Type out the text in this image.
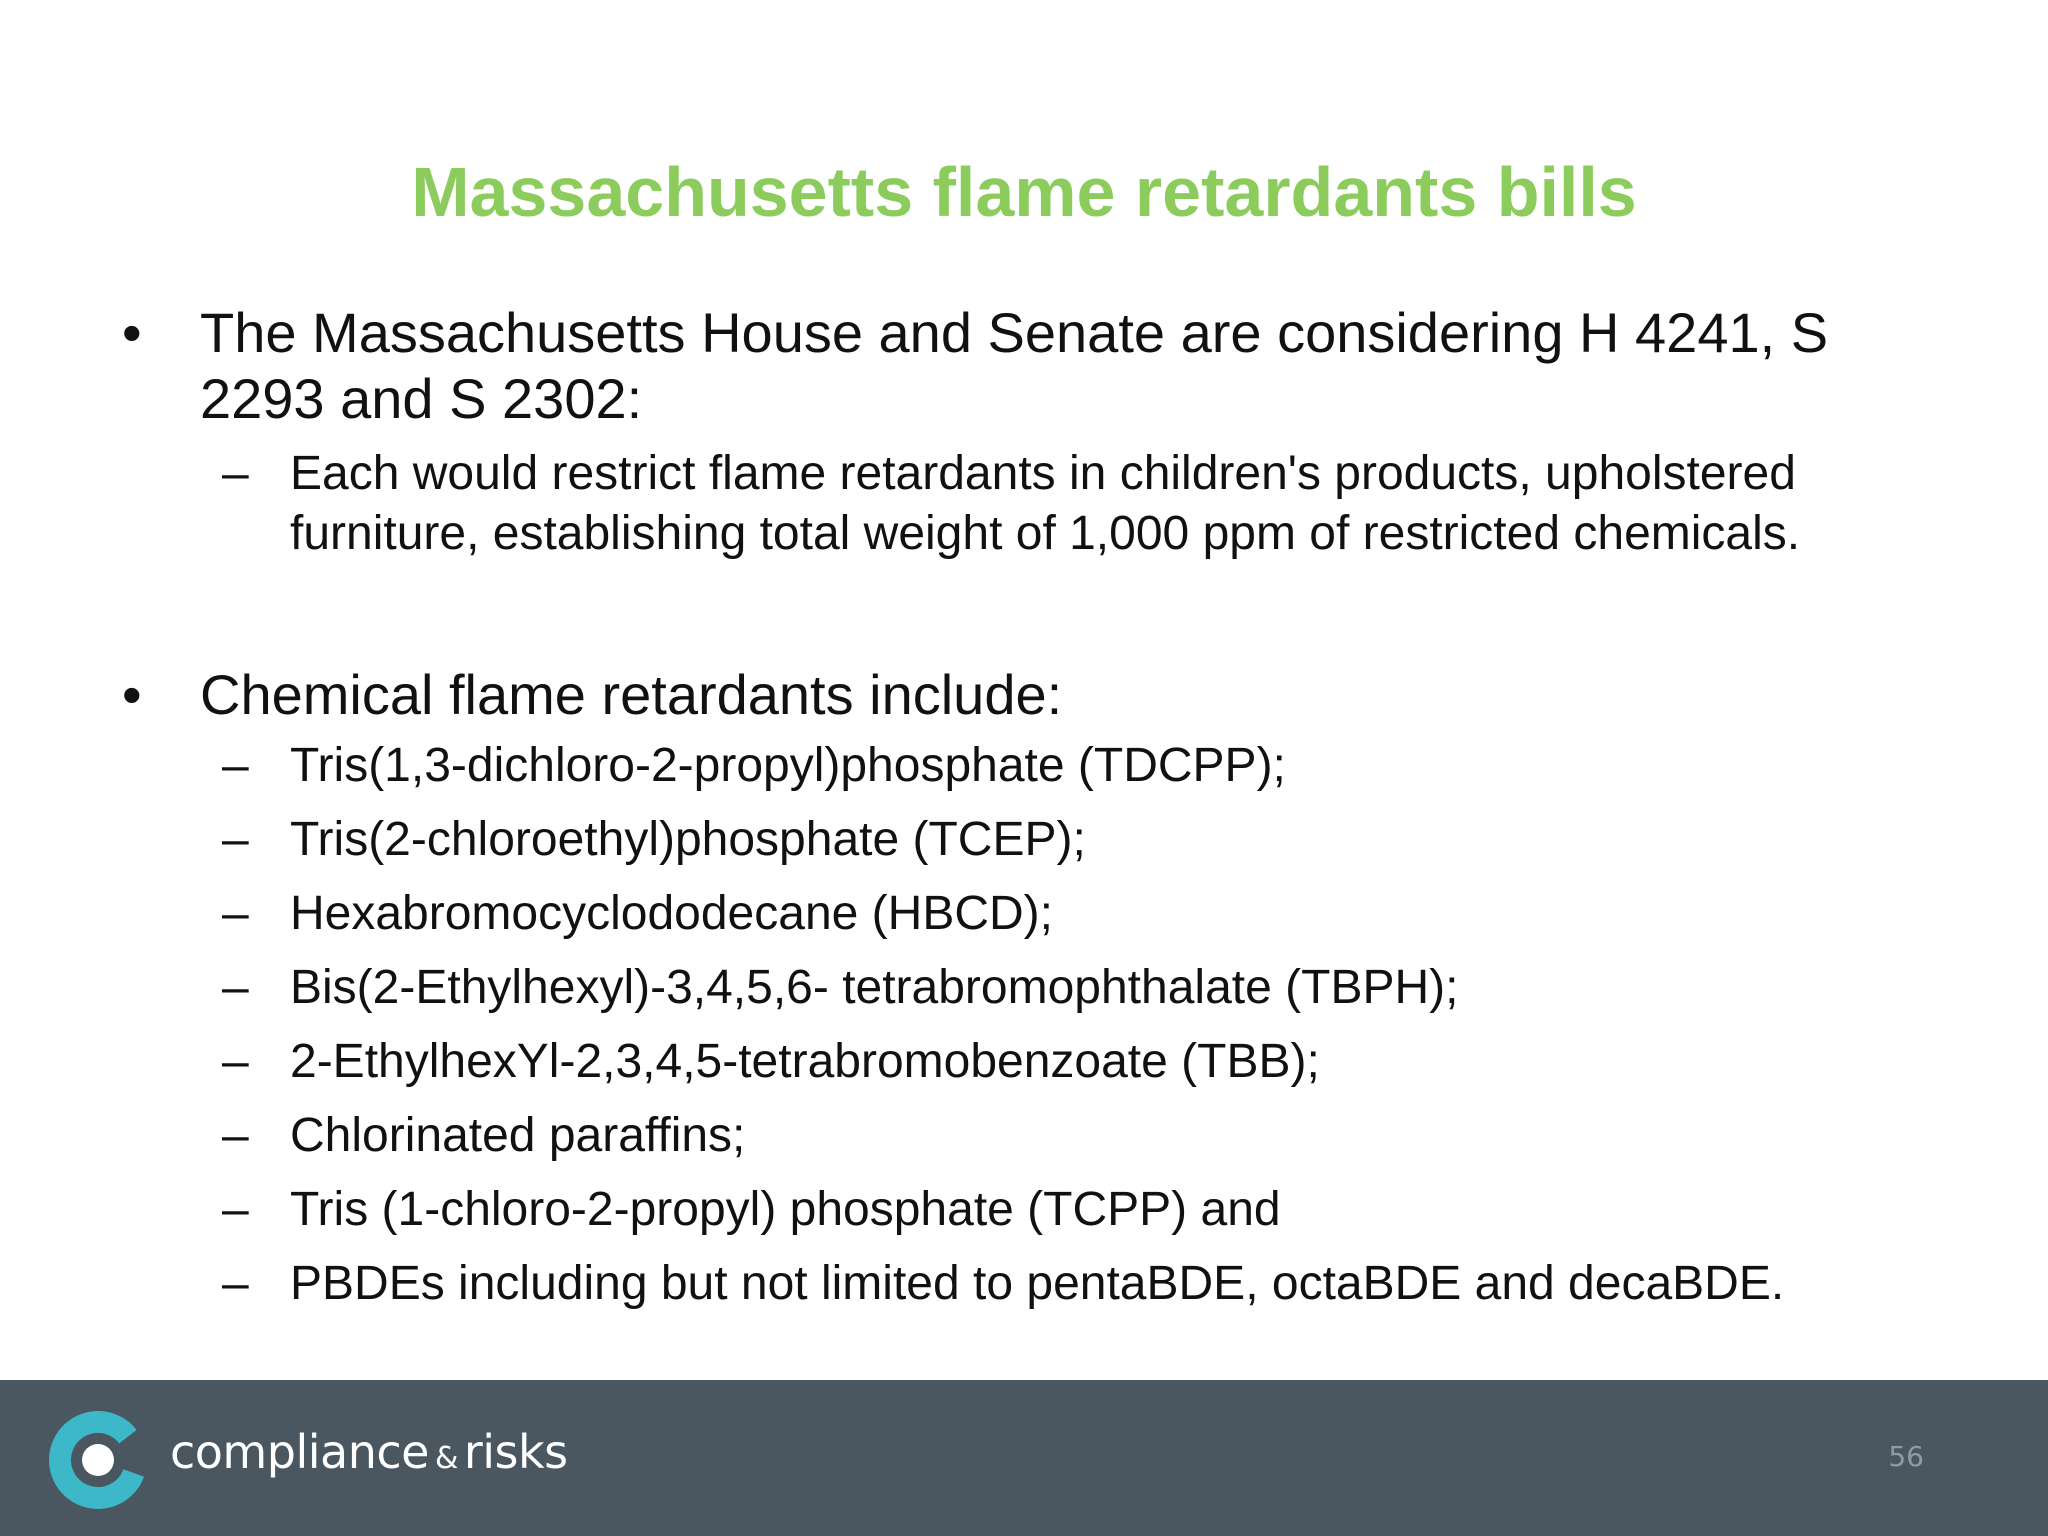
Massachusetts flame retardants bills
• The Massachusetts House and Senate are considering H 4241, S 2293 and S 2302:
– Each would restrict flame retardants in children's products, upholstered furniture, establishing total weight of 1,000 ppm of restricted chemicals.
• Chemical flame retardants include:
– Tris(1,3-dichloro-2-propyl)phosphate (TDCPP);
– Tris(2-chloroethyl)phosphate (TCEP);
– Hexabromocyclododecane (HBCD);
– Bis(2-Ethylhexyl)-3,4,5,6- tetrabromophthalate (TBPH);
– 2-EthylhexYl-2,3,4,5-tetrabromobenzoate (TBB);
– Chlorinated paraffins;
– Tris (1-chloro-2-propyl) phosphate (TCPP) and
– PBDEs including but not limited to pentaBDE, octaBDE and decaBDE.
compliance & risks	56
